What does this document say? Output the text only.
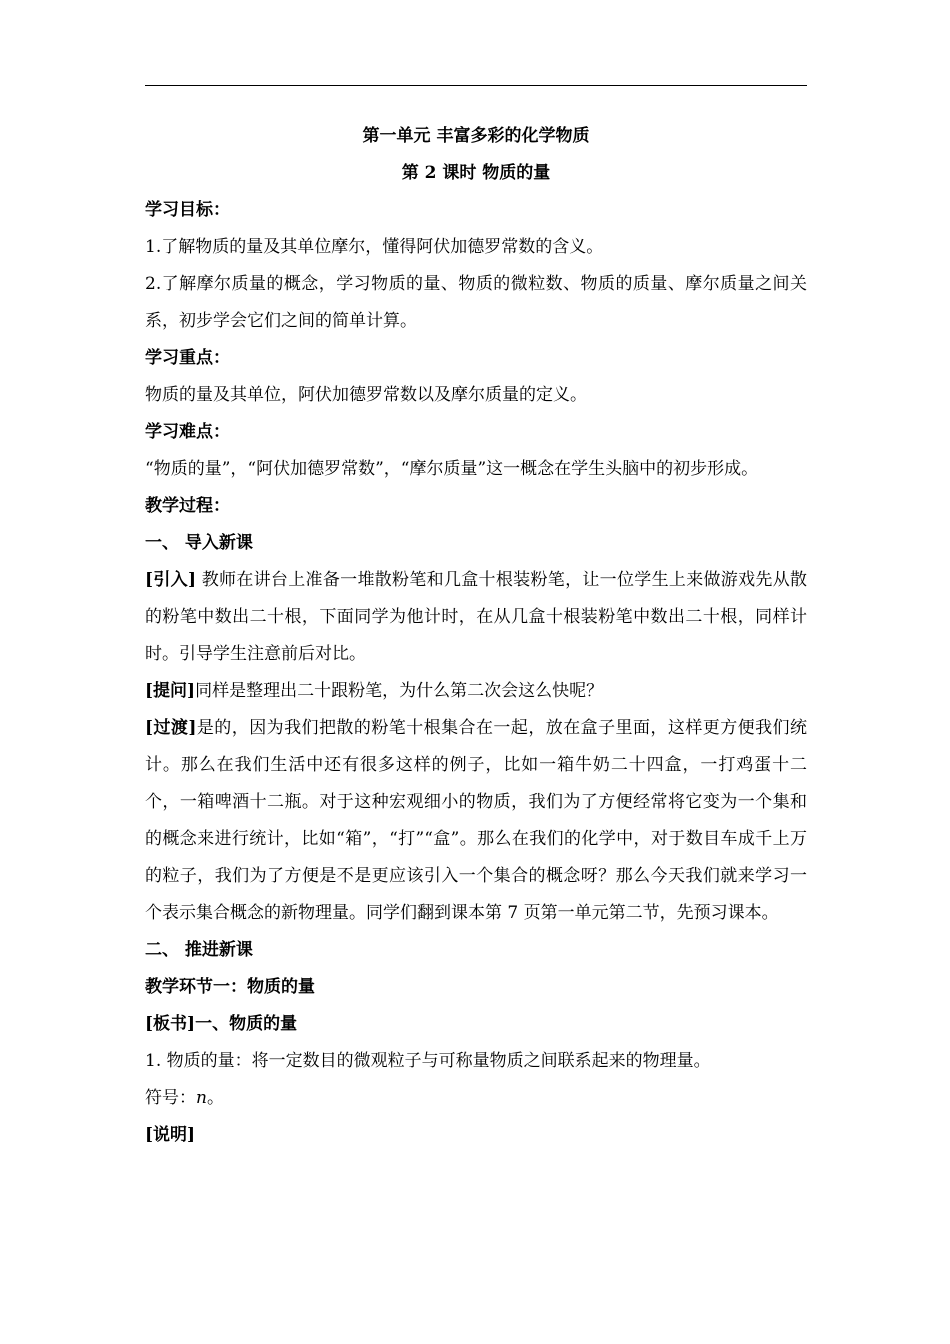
第一单元 丰富多彩的化学物质

第 2 课时 物质的量

学习目标：

1.了解物质的量及其单位摩尔，懂得阿伏加德罗常数的含义。

2.了解摩尔质量的概念，学习物质的量、物质的微粒数、物质的质量、摩尔质量之间关系，初步学会它们之间的简单计算。

学习重点：

物质的量及其单位，阿伏加德罗常数以及摩尔质量的定义。

学习难点：

“物质的量”，“阿伏加德罗常数”，“摩尔质量”这一概念在学生头脑中的初步形成。

教学过程：

一、 导入新课

[引入] 教师在讲台上准备一堆散粉笔和几盒十根装粉笔，让一位学生上来做游戏先从散的粉笔中数出二十根，下面同学为他计时，在从几盒十根装粉笔中数出二十根，同样计时。引导学生注意前后对比。

[提问]同样是整理出二十跟粉笔，为什么第二次会这么快呢？

[过渡]是的，因为我们把散的粉笔十根集合在一起，放在盒子里面，这样更方便我们统计。那么在我们生活中还有很多这样的例子，比如一箱牛奶二十四盒，一打鸡蛋十二个，一箱啤酒十二瓶。对于这种宏观细小的物质，我们为了方便经常将它变为一个集和的概念来进行统计，比如“箱”，“打”“盒”。那么在我们的化学中，对于数目车成千上万的粒子，我们为了方便是不是更应该引入一个集合的概念呀？那么今天我们就来学习一个表示集合概念的新物理量。同学们翻到课本第 7 页第一单元第二节，先预习课本。

二、 推进新课

教学环节一：物质的量

[板书]一、物质的量

1. 物质的量：将一定数目的微观粒子与可称量物质之间联系起来的物理量。

符号：n。

[说明]
